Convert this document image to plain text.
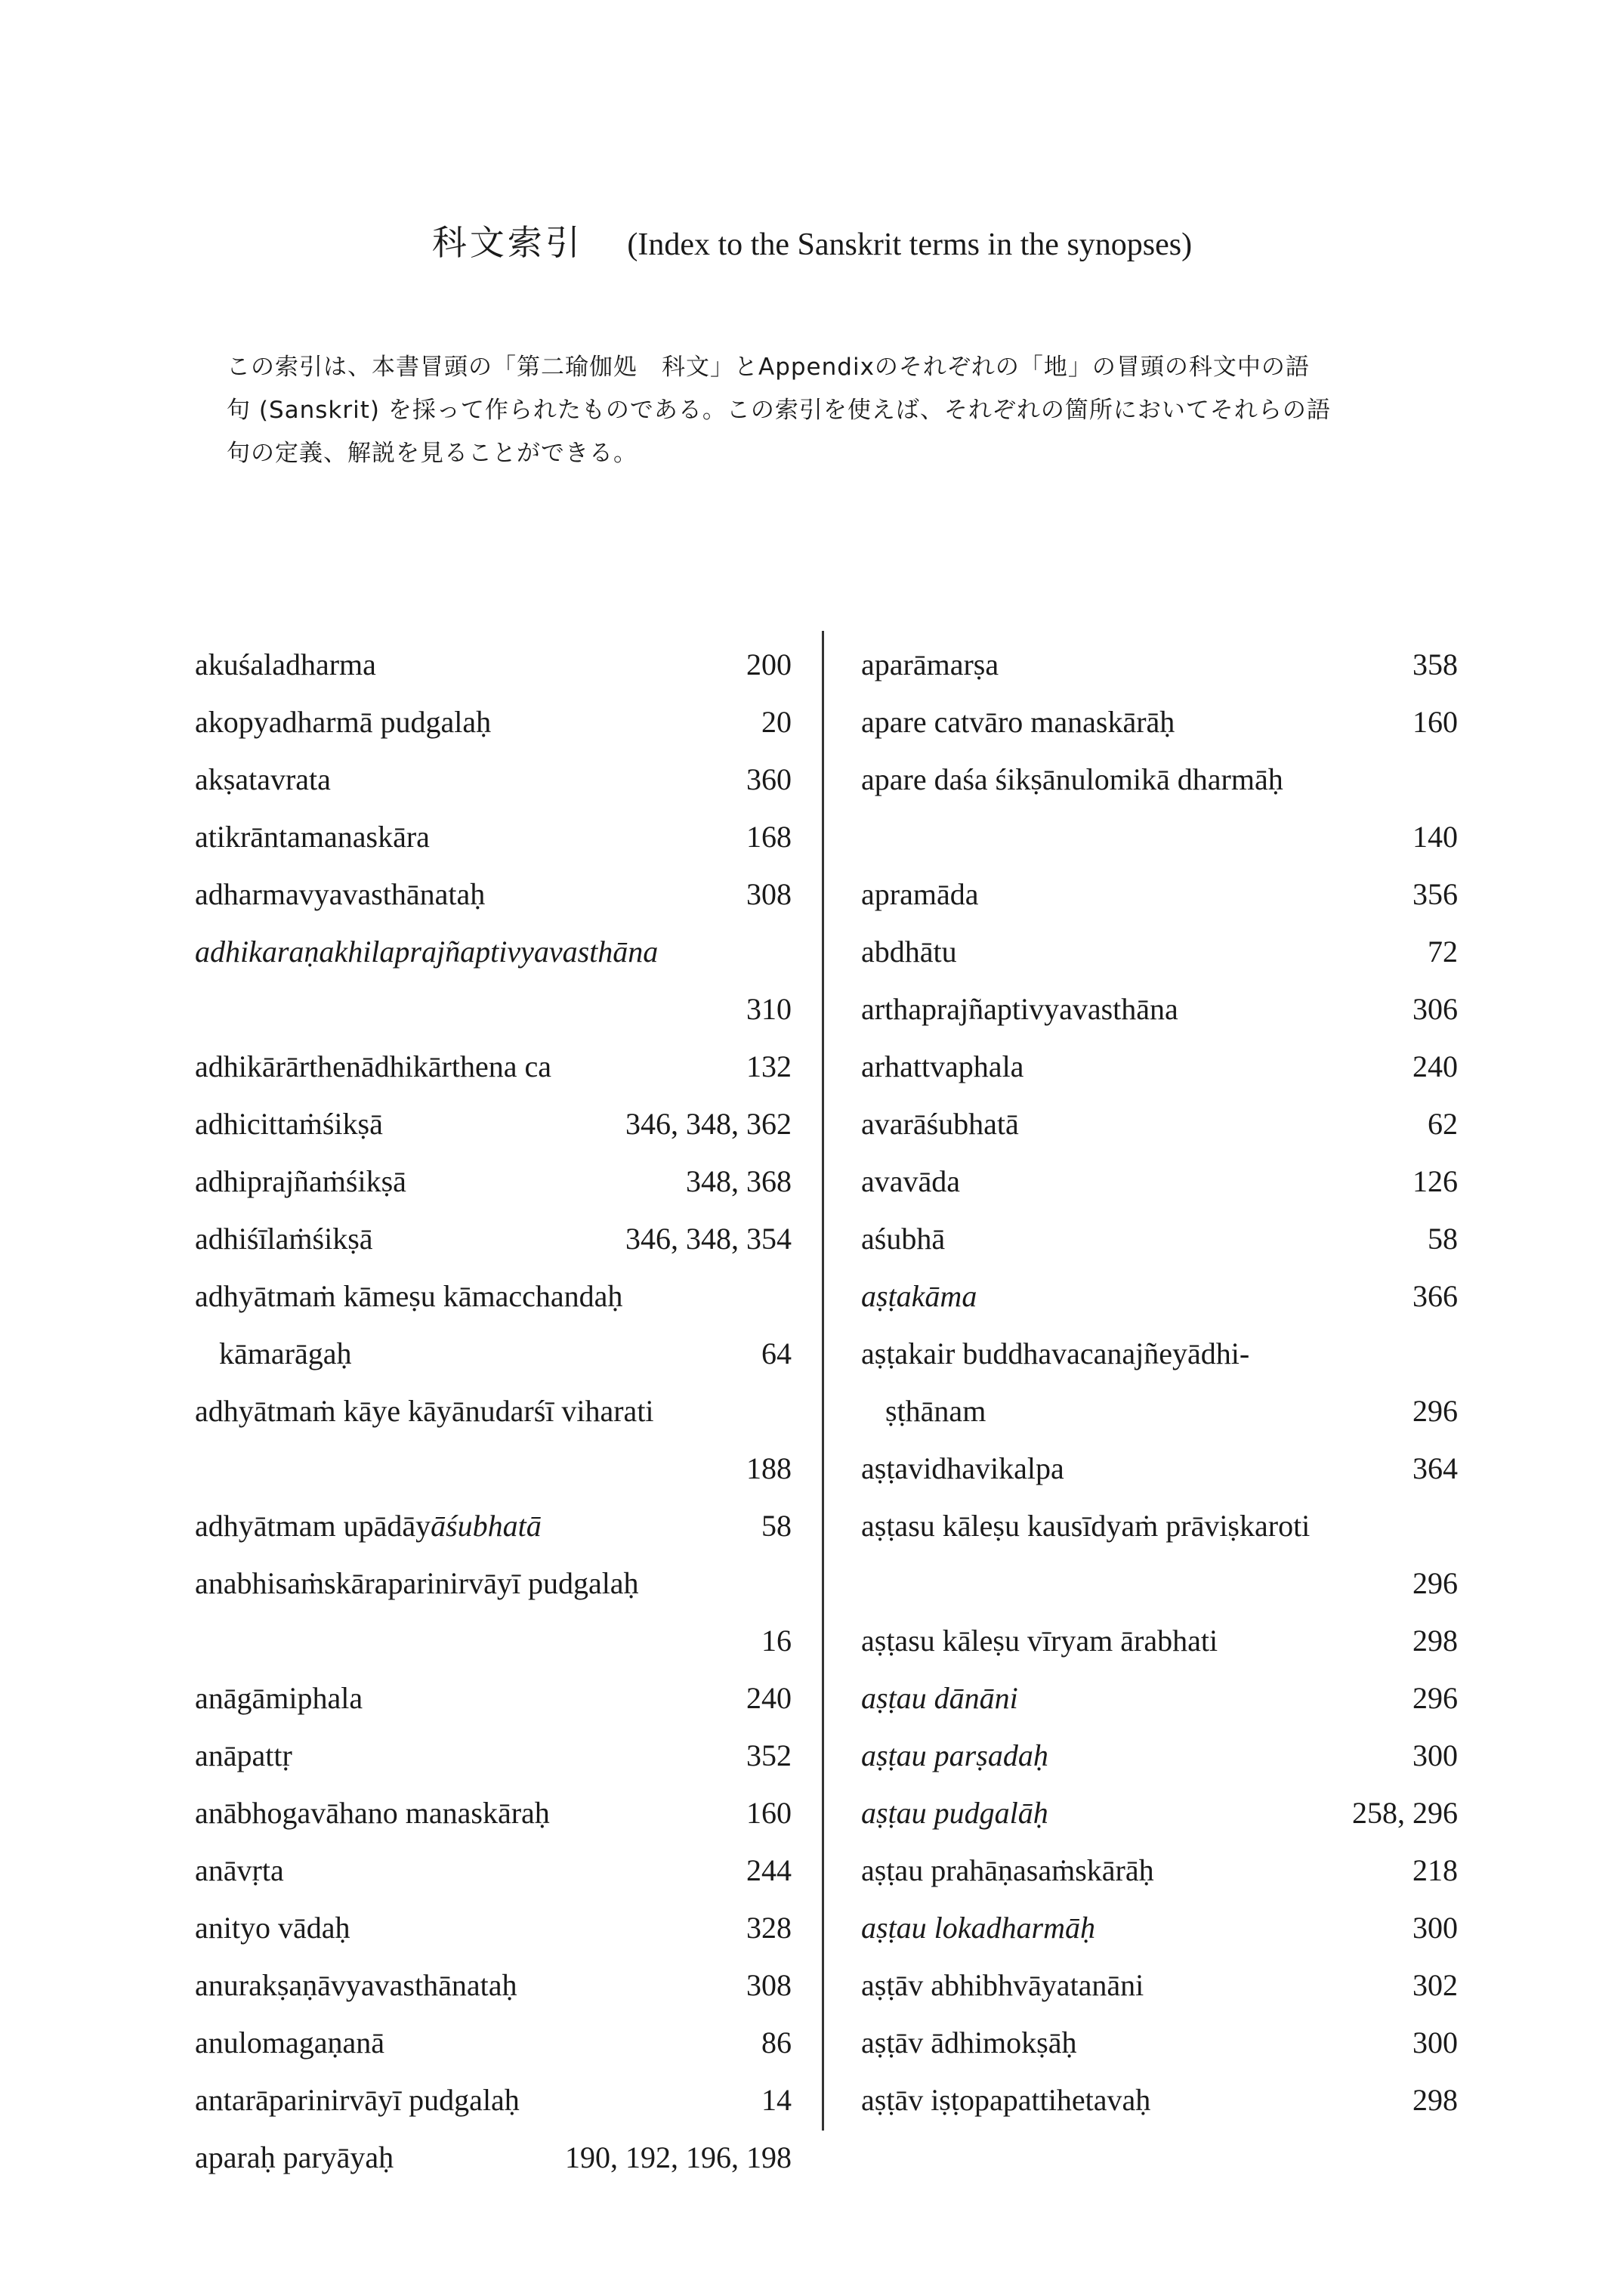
科文索引 (Index to the Sanskrit terms in the synopses)
この索引は、本書冒頭の「第二瑜伽処　科文」とAppendixのそれぞれの「地」の冒頭の科文中の語
句 (Sanskrit) を採って作られたものである。この索引を使えば、それぞれの箇所においてそれらの語
句の定義、解説を見ることができる。
akuśaladharma	200
akopyadharmā pudgalaḥ	20
akṣatavrata	360
atikrāntamanaskāra	168
adharmavyavasthānataḥ	308
adhikaraṇakhilaprajñaptivyavasthāna
310
adhikārārthenādhikārthena ca	132
adhicittaṁśikṣā	346, 348, 362
adhiprajñaṁśikṣā	348, 368
adhiśīlaṁśikṣā	346, 348, 354
adhyātmaṁ kāmeṣu kāmacchandaḥ
kāmarāgaḥ	64
adhyātmaṁ kāye kāyānudarśī viharati
188
adhyātmam upādāyāśubhatā	58
anabhisaṁskāraparinirvāyī pudgalaḥ
16
anāgāmiphala	240
anāpattṛ	352
anābhogavāhano manaskāraḥ	160
anāvṛta	244
anityo vādaḥ	328
anurakṣaṇāvyavasthānataḥ	308
anulomagaṇanā	86
antarāparinirvāyī pudgalaḥ	14
aparaḥ paryāyaḥ	190, 192, 196, 198
aparāmarṣa	358
apare catvāro manaskārāḥ	160
apare daśa śikṣānulomikā dharmāḥ
140
apramāda	356
abdhātu	72
arthaprajñaptivyavasthāna	306
arhattvaphala	240
avarāśubhatā	62
avavāda	126
aśubhā	58
aṣṭakāma	366
aṣṭakair buddhavacanajñeyādhi-
ṣṭhānam	296
aṣṭavidhavikalpa	364
aṣṭasu kāleṣu kausīdyaṁ prāviṣkaroti
296
aṣṭasu kāleṣu vīryam ārabhati	298
aṣṭau dānāni	296
aṣṭau parṣadaḥ	300
aṣṭau pudgalāḥ	258, 296
aṣṭau prahāṇasaṁskārāḥ	218
aṣṭau lokadharmāḥ	300
aṣṭāv abhibhvāyatanāni	302
aṣṭāv ādhimokṣāḥ	300
aṣṭāv iṣṭopapattihetavaḥ	298
